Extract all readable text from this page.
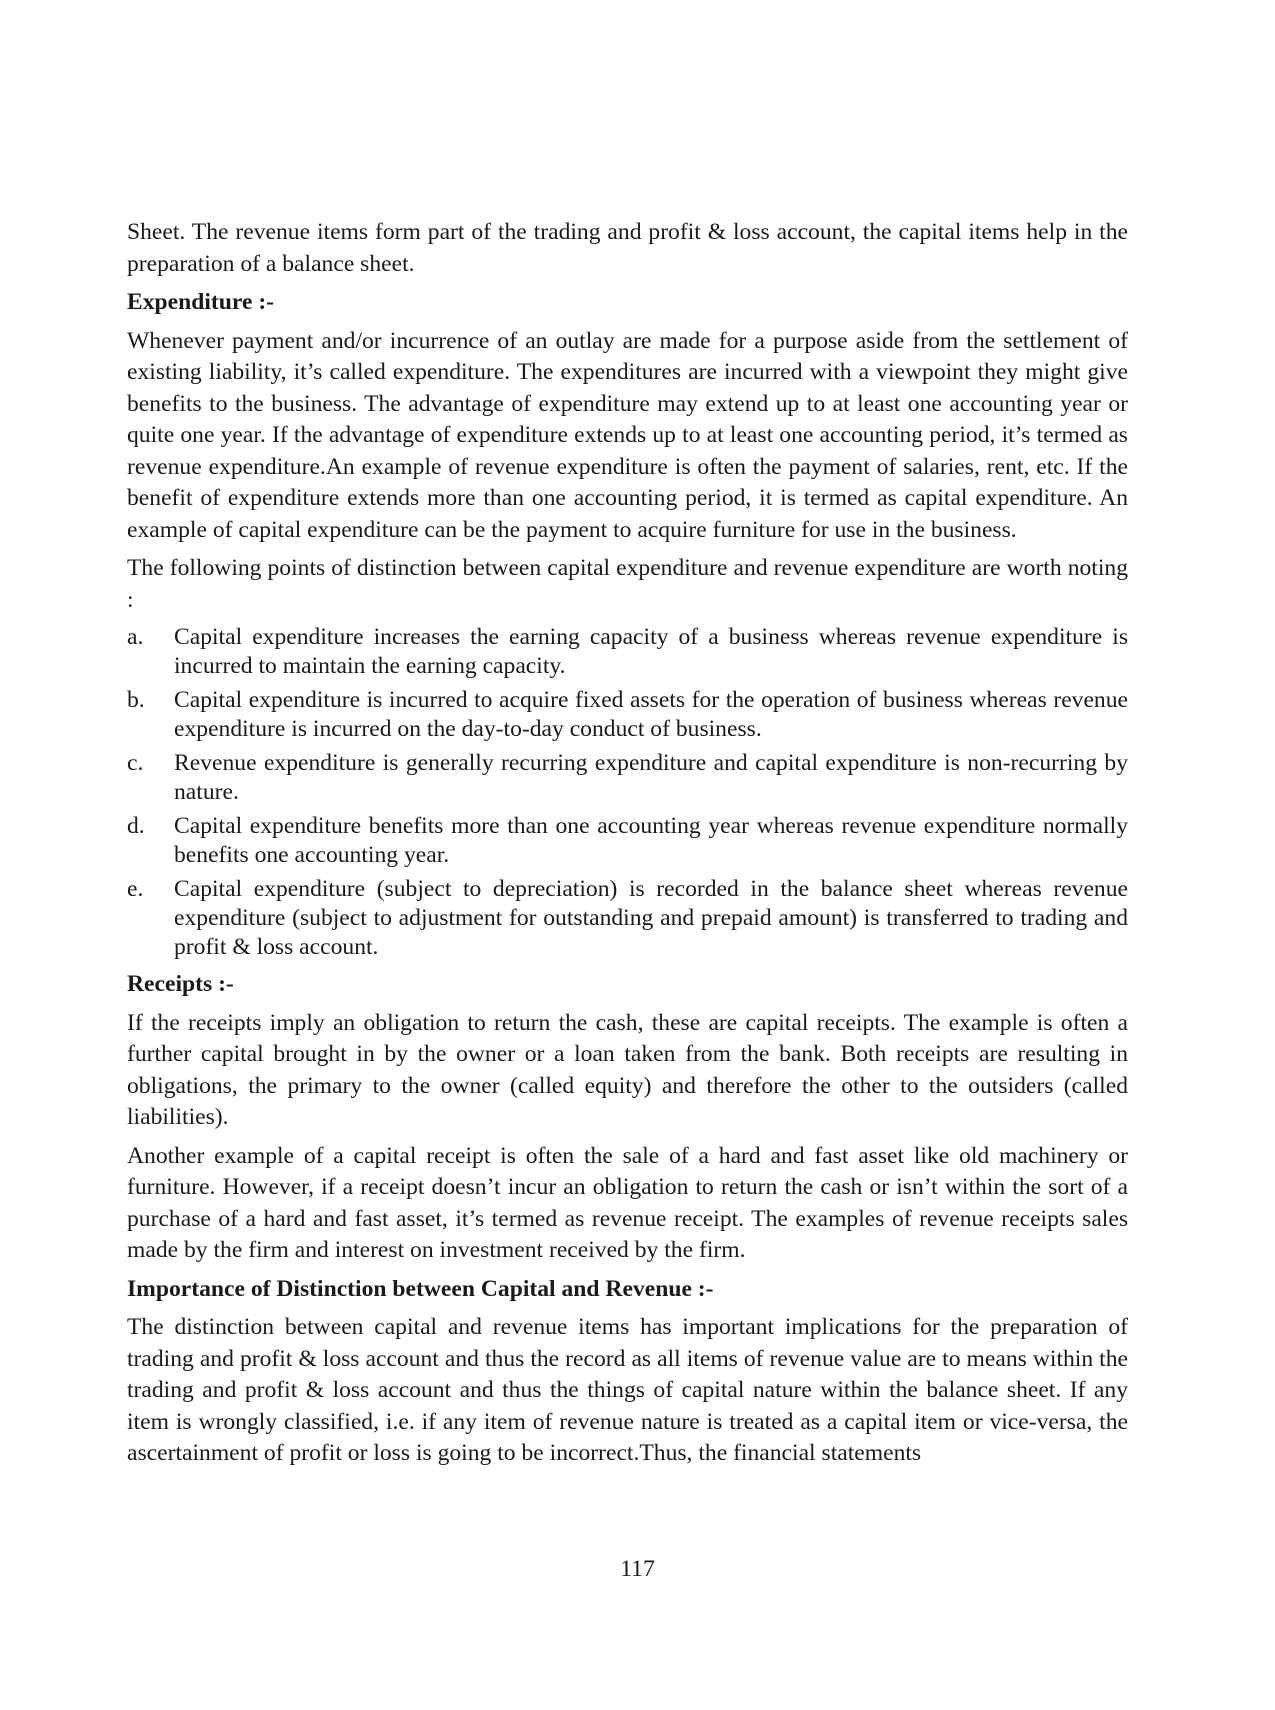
Sheet. The revenue items form part of the trading and profit & loss account, the capital items help in the preparation of a balance sheet.

Expenditure :-

Whenever payment and/or incurrence of an outlay are made for a purpose aside from the settlement of existing liability, it’s called expenditure. The expenditures are incurred with a viewpoint they might give benefits to the business. The advantage of expenditure may extend up to at least one accounting year or quite one year. If the advantage of expenditure extends up to at least one accounting period, it’s termed as revenue expenditure.An example of revenue expenditure is often the payment of salaries, rent, etc. If the benefit of expenditure extends more than one accounting period, it is termed as capital expenditure. An example of capital expenditure can be the payment to acquire furniture for use in the business.

The following points of distinction between capital expenditure and revenue expenditure are worth noting :

a.	Capital expenditure increases the earning capacity of a business whereas revenue expenditure is incurred to maintain the earning capacity.
b.	Capital expenditure is incurred to acquire fixed assets for the operation of business whereas revenue expenditure is incurred on the day-to-day conduct of business.
c.	Revenue expenditure is generally recurring expenditure and capital expenditure is non-recurring by nature.
d.	Capital expenditure benefits more than one accounting year whereas revenue expenditure normally benefits one accounting year.
e.	Capital expenditure (subject to depreciation) is recorded in the balance sheet whereas revenue expenditure (subject to adjustment for outstanding and prepaid amount) is transferred to trading and profit & loss account.
Receipts :-

If the receipts imply an obligation to return the cash, these are capital receipts. The example is often a further capital brought in by the owner or a loan taken from the bank. Both receipts are resulting in obligations, the primary to the owner (called equity) and therefore the other to the outsiders (called liabilities).

Another example of a capital receipt is often the sale of a hard and fast asset like old machinery or furniture. However, if a receipt doesn’t incur an obligation to return the cash or isn’t within the sort of a purchase of a hard and fast asset, it’s termed as revenue receipt. The examples of revenue receipts sales made by the firm and interest on investment received by the firm.

Importance of Distinction between Capital and Revenue :-

The distinction between capital and revenue items has important implications for the preparation of trading and profit & loss account and thus the record as all items of revenue value are to means within the trading and profit & loss account and thus the things of capital nature within the balance sheet. If any item is wrongly classified, i.e. if any item of revenue nature is treated as a capital item or vice-versa, the ascertainment of profit or loss is going to be incorrect.Thus, the financial statements

117
